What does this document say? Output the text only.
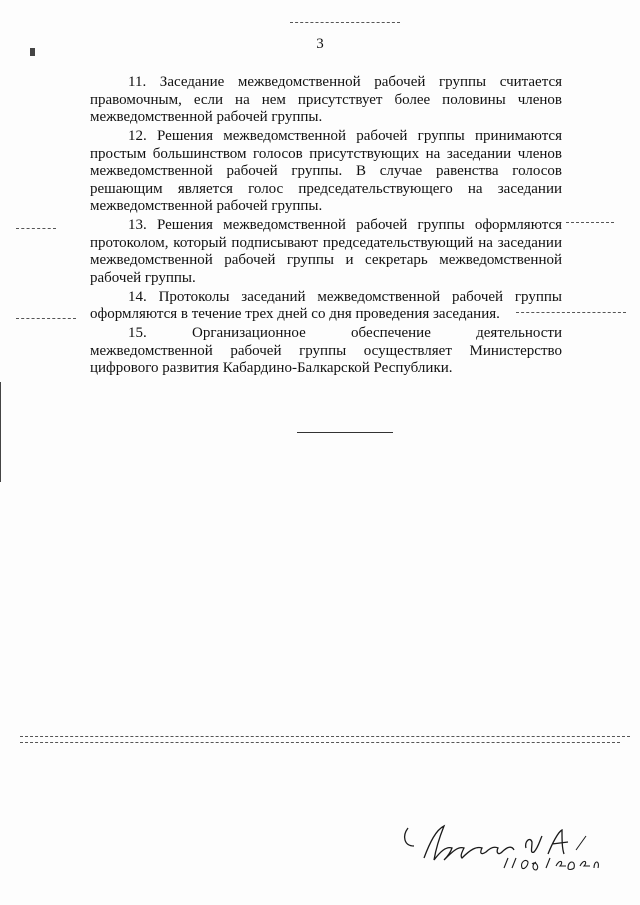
3

11. Заседание межведомственной рабочей группы считается правомочным, если на нем присутствует более половины членов межведомственной рабочей группы.

12. Решения межведомственной рабочей группы принимаются простым большинством голосов присутствующих на заседании членов межведомственной рабочей группы. В случае равенства голосов решающим является голос председательствующего на заседании межведомственной рабочей группы.

13. Решения межведомственной рабочей группы оформляются протоколом, который подписывают председательствующий на заседании межведомственной рабочей группы и секретарь межведомственной рабочей группы.

14. Протоколы заседаний межведомственной рабочей группы оформляются в течение трех дней со дня проведения заседания.

15. Организационное обеспечение деятельности межведомственной рабочей группы осуществляет Министерство цифрового развития Кабардино-Балкарской Республики.
